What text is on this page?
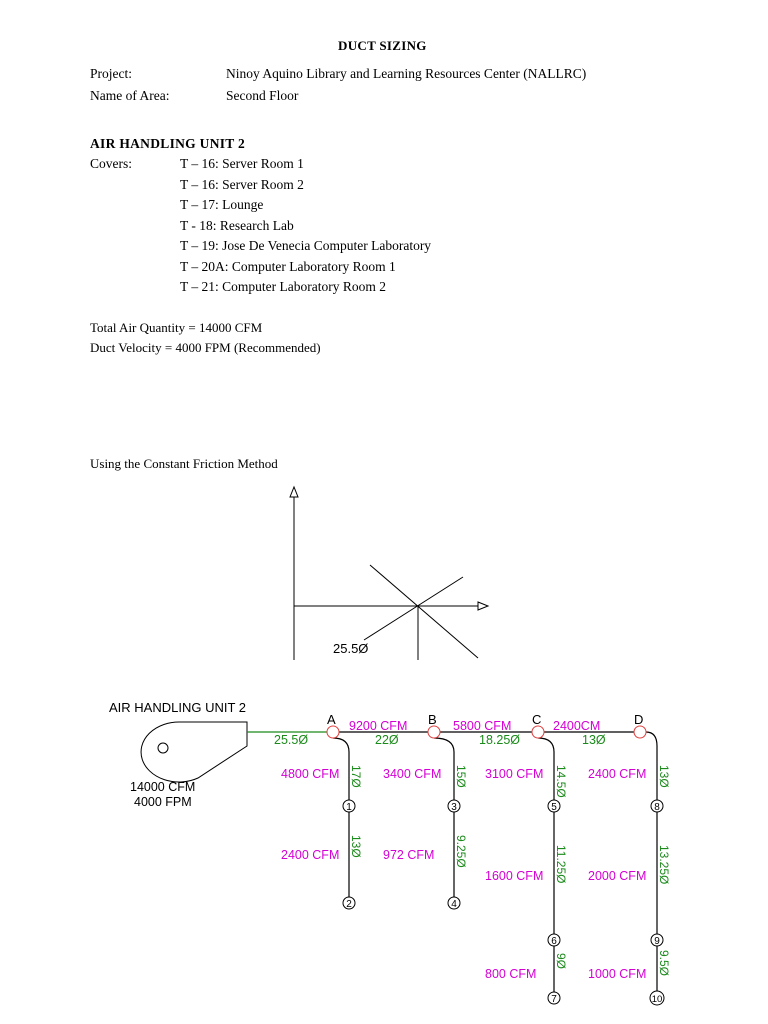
DUCT SIZING
Project:	Ninoy Aquino Library and Learning Resources Center (NALLRC)
Name of Area:	Second Floor
AIR HANDLING UNIT 2
Covers:	T – 16: Server Room 1
T – 16: Server Room 2
T – 17: Lounge
T - 18: Research Lab
T – 19: Jose De Venecia Computer Laboratory
T – 20A: Computer Laboratory Room 1
T – 21: Computer Laboratory Room 2
Total Air Quantity = 14000 CFM
Duct Velocity = 4000 FPM (Recommended)
Using the Constant Friction Method
25.5Ø
AIR HANDLING UNIT 2
14000 CFM
4000 FPM
A	B	C	D
9200 CFM	5800 CFM	2400CM
25.5Ø	22Ø	18.25Ø	13Ø
4800 CFM	3400 CFM	3100 CFM	2400 CFM
2400 CFM	972 CFM
1600 CFM	2000 CFM
800 CFM	1000 CFM
17Ø	15Ø	14.5Ø	13Ø
13Ø	9.25Ø	11.25Ø	13.25Ø
9Ø	9.5Ø
1
2
3
4
5
6
7
8
9
10
